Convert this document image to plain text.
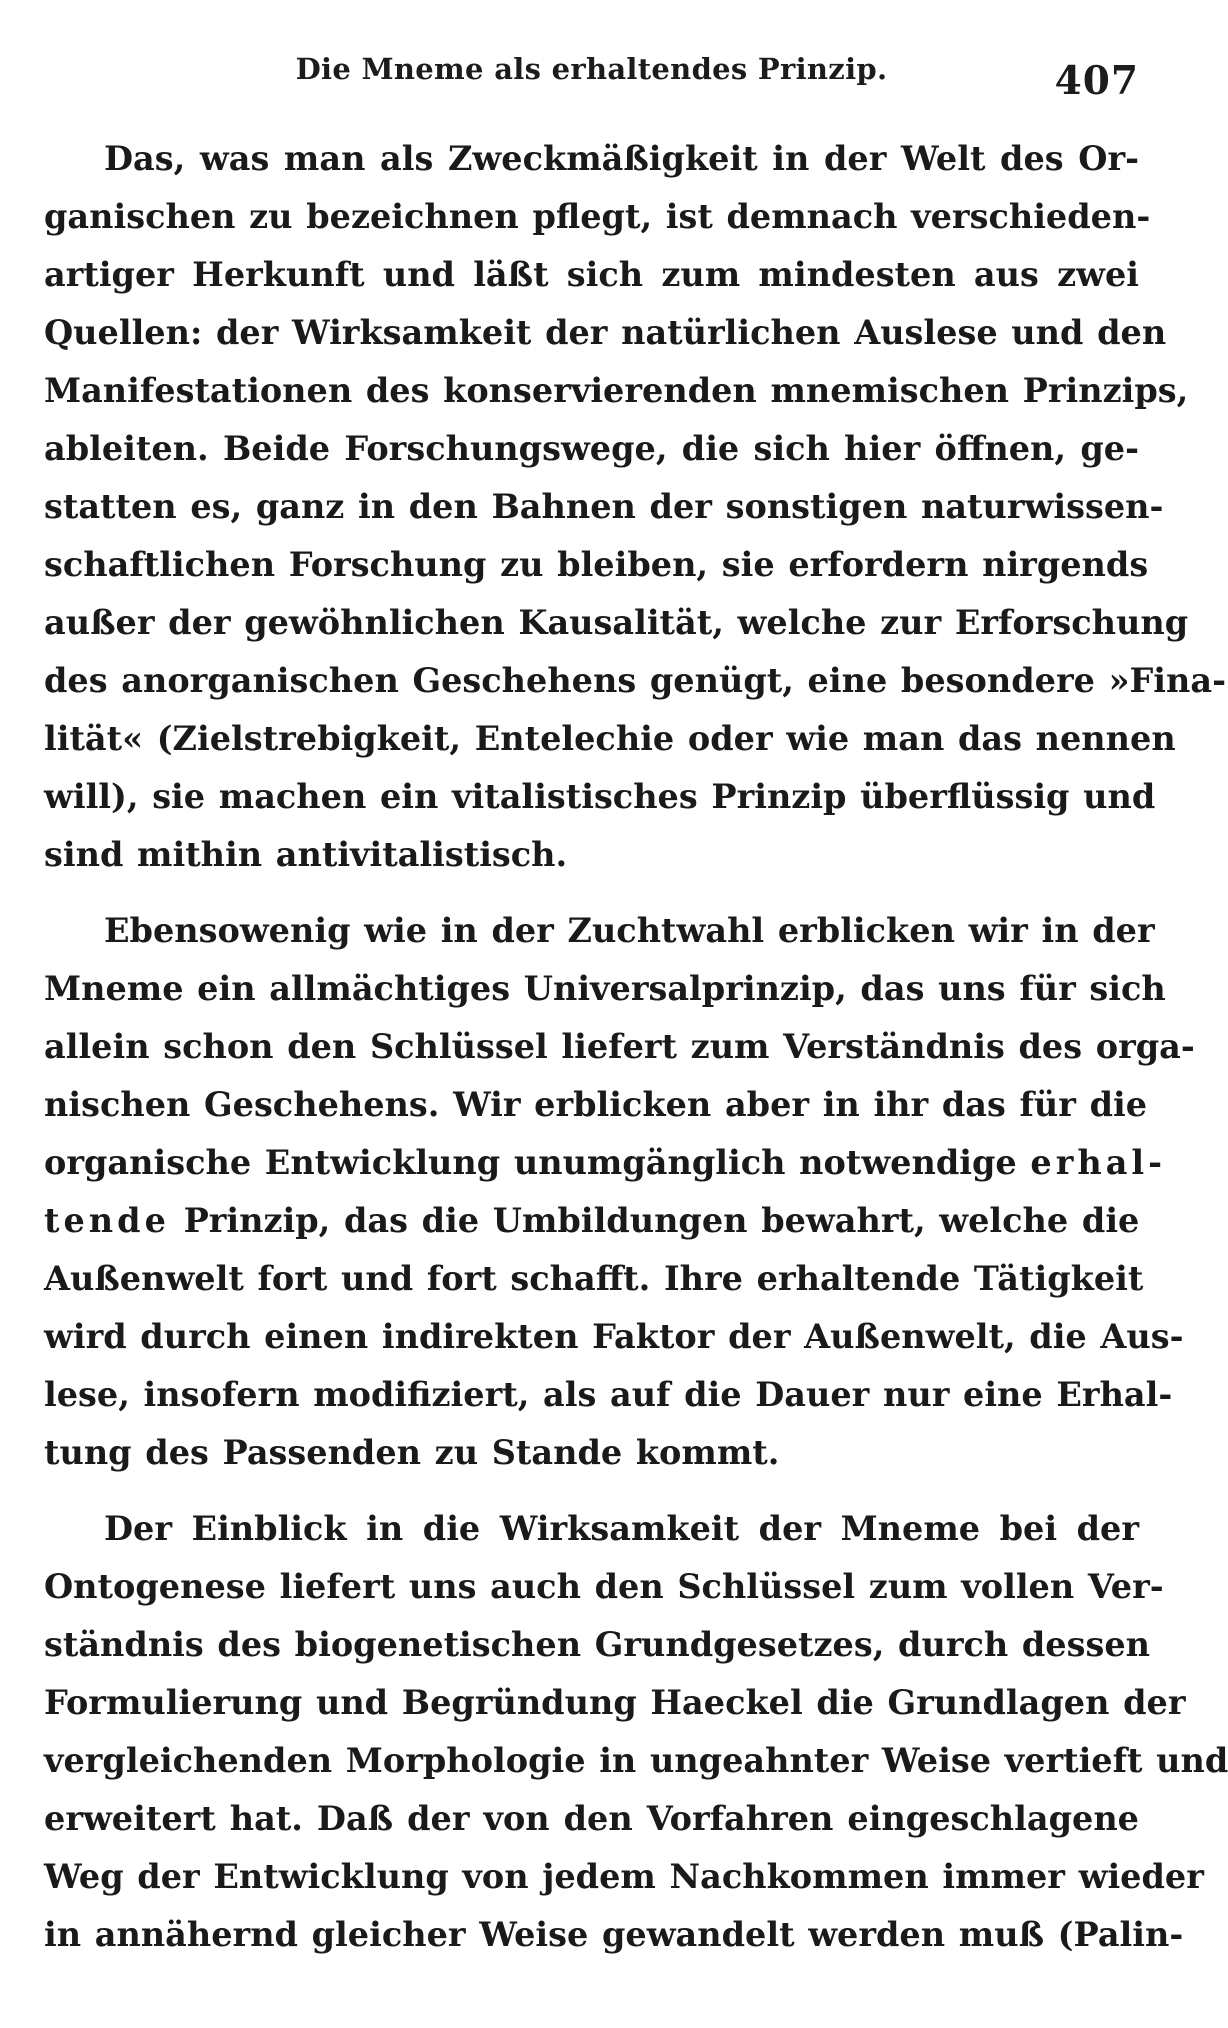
Die Mneme als erhaltendes Prinzip.	407
Das, was man als Zweckmäßigkeit in der Welt des Or-
ganischen zu bezeichnen pflegt, ist demnach verschieden-
artiger Herkunft und läßt sich zum mindesten aus zwei
Quellen: der Wirksamkeit der natürlichen Auslese und den
Manifestationen des konservierenden mnemischen Prinzips,
ableiten. Beide Forschungswege, die sich hier öffnen, ge-
statten es, ganz in den Bahnen der sonstigen naturwissen-
schaftlichen Forschung zu bleiben, sie erfordern nirgends
außer der gewöhnlichen Kausalität, welche zur Erforschung
des anorganischen Geschehens genügt, eine besondere »Fina-
lität« (Zielstrebigkeit, Entelechie oder wie man das nennen
will), sie machen ein vitalistisches Prinzip überflüssig und
sind mithin antivitalistisch.
Ebensowenig wie in der Zuchtwahl erblicken wir in der
Mneme ein allmächtiges Universalprinzip, das uns für sich
allein schon den Schlüssel liefert zum Verständnis des orga-
nischen Geschehens. Wir erblicken aber in ihr das für die
organische Entwicklung unumgänglich notwendige erhal-
tende Prinzip, das die Umbildungen bewahrt, welche die
Außenwelt fort und fort schafft. Ihre erhaltende Tätigkeit
wird durch einen indirekten Faktor der Außenwelt, die Aus-
lese, insofern modifiziert, als auf die Dauer nur eine Erhal-
tung des Passenden zu Stande kommt.
Der Einblick in die Wirksamkeit der Mneme bei der
Ontogenese liefert uns auch den Schlüssel zum vollen Ver-
ständnis des biogenetischen Grundgesetzes, durch dessen
Formulierung und Begründung Haeckel die Grundlagen der
vergleichenden Morphologie in ungeahnter Weise vertieft und
erweitert hat. Daß der von den Vorfahren eingeschlagene
Weg der Entwicklung von jedem Nachkommen immer wieder
in annähernd gleicher Weise gewandelt werden muß (Palin-
